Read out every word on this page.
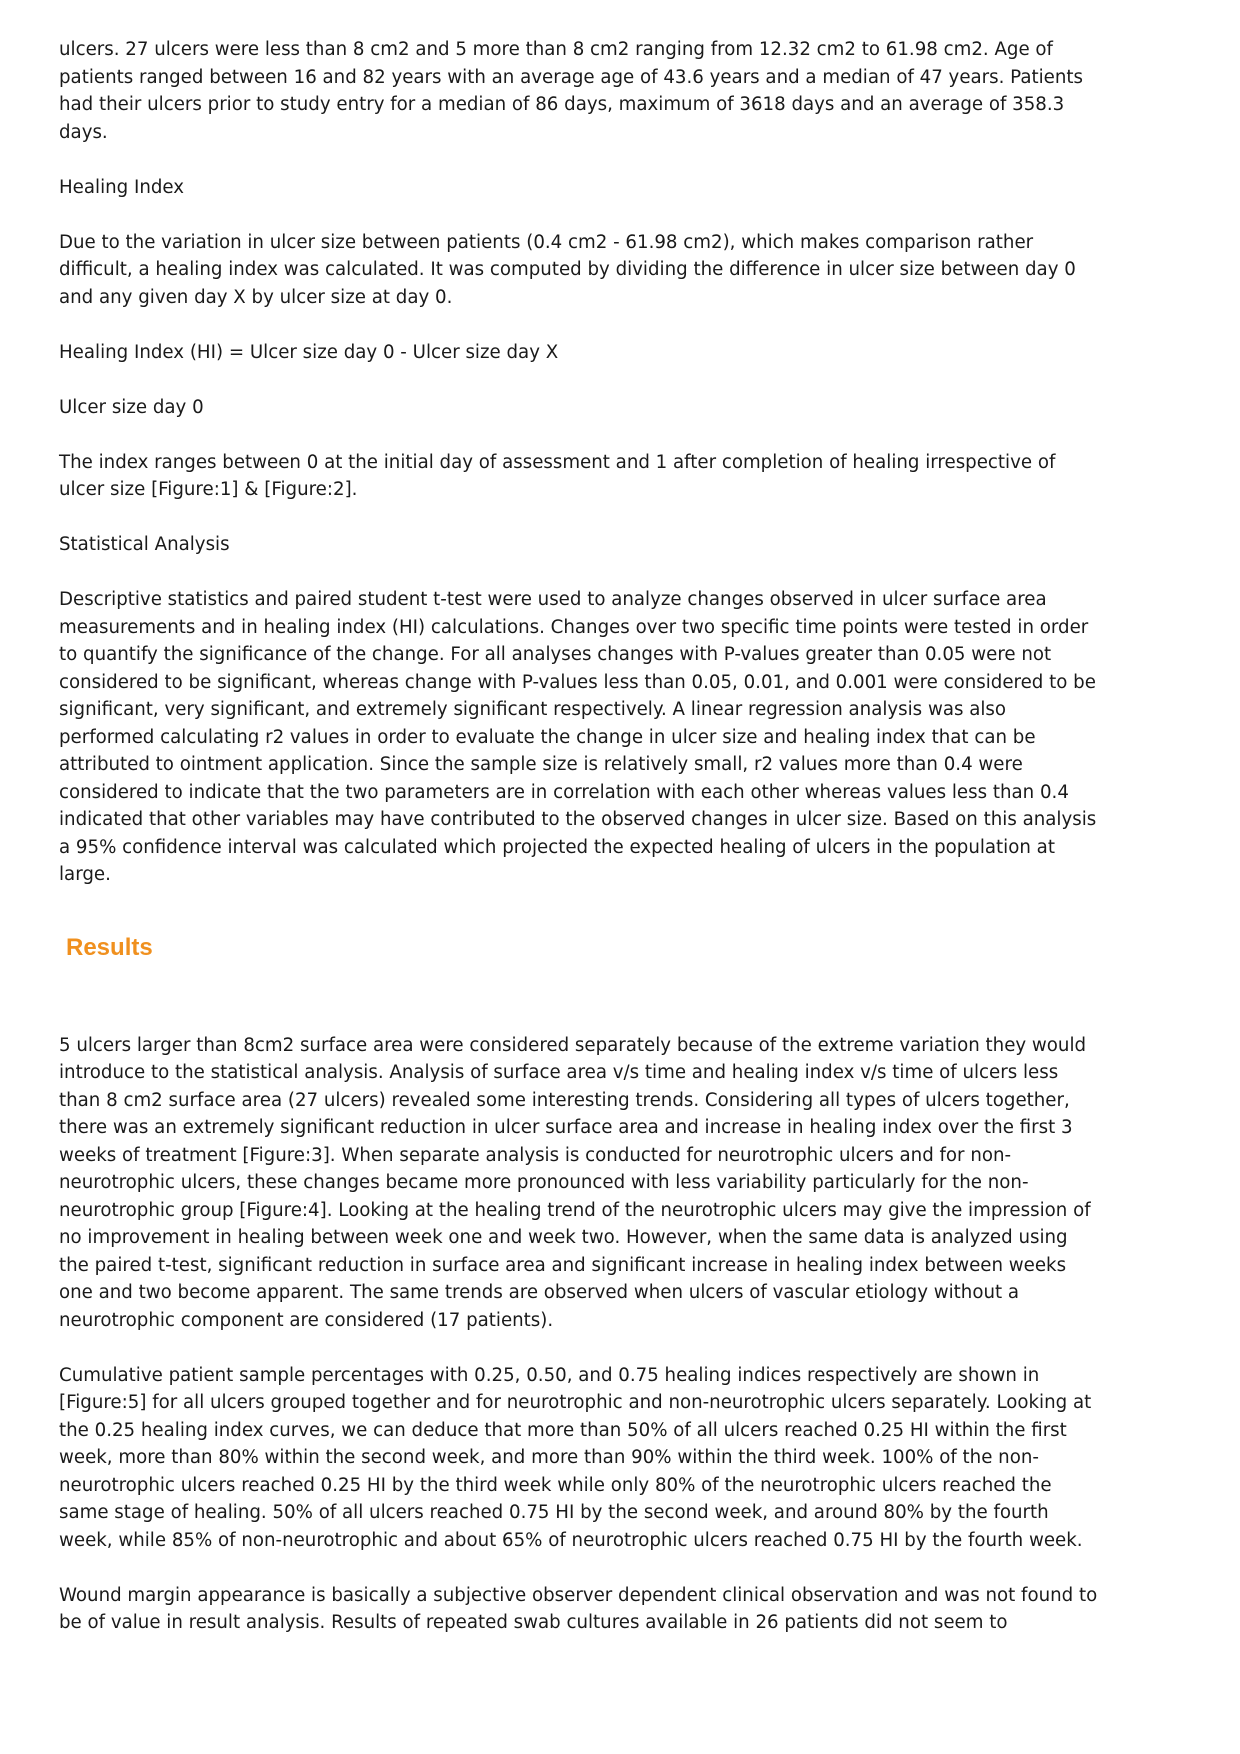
ulcers. 27 ulcers were less than 8 cm2 and 5 more than 8 cm2 ranging from 12.32 cm2 to 61.98 cm2. Age of patients ranged between 16 and 82 years with an average age of 43.6 years and a median of 47 years. Patients had their ulcers prior to study entry for a median of 86 days, maximum of 3618 days and an average of 358.3 days.

Healing Index

Due to the variation in ulcer size between patients (0.4 cm2 - 61.98 cm2), which makes comparison rather difficult, a healing index was calculated. It was computed by dividing the difference in ulcer size between day 0 and any given day X by ulcer size at day 0.

Healing Index (HI) = Ulcer size day 0 - Ulcer size day X

Ulcer size day 0

The index ranges between 0 at the initial day of assessment and 1 after completion of healing irrespective of ulcer size [Figure:1] & [Figure:2].

Statistical Analysis

Descriptive statistics and paired student t-test were used to analyze changes observed in ulcer surface area measurements and in healing index (HI) calculations. Changes over two specific time points were tested in order to quantify the significance of the change. For all analyses changes with P-values greater than 0.05 were not considered to be significant, whereas change with P-values less than 0.05, 0.01, and 0.001 were considered to be significant, very significant, and extremely significant respectively. A linear regression analysis was also performed calculating r2 values in order to evaluate the change in ulcer size and healing index that can be attributed to ointment application. Since the sample size is relatively small, r2 values more than 0.4 were considered to indicate that the two parameters are in correlation with each other whereas values less than 0.4 indicated that other variables may have contributed to the observed changes in ulcer size. Based on this analysis a 95% confidence interval was calculated which projected the expected healing of ulcers in the population at large.

Results

5 ulcers larger than 8cm2 surface area were considered separately because of the extreme variation they would introduce to the statistical analysis. Analysis of surface area v/s time and healing index v/s time of ulcers less than 8 cm2 surface area (27 ulcers) revealed some interesting trends. Considering all types of ulcers together, there was an extremely significant reduction in ulcer surface area and increase in healing index over the first 3 weeks of treatment [Figure:3]. When separate analysis is conducted for neurotrophic ulcers and for non-neurotrophic ulcers, these changes became more pronounced with less variability particularly for the non-neurotrophic group [Figure:4]. Looking at the healing trend of the neurotrophic ulcers may give the impression of no improvement in healing between week one and week two. However, when the same data is analyzed using the paired t-test, significant reduction in surface area and significant increase in healing index between weeks one and two become apparent. The same trends are observed when ulcers of vascular etiology without a neurotrophic component are considered (17 patients).

Cumulative patient sample percentages with 0.25, 0.50, and 0.75 healing indices respectively are shown in [Figure:5] for all ulcers grouped together and for neurotrophic and non-neurotrophic ulcers separately. Looking at the 0.25 healing index curves, we can deduce that more than 50% of all ulcers reached 0.25 HI within the first week, more than 80% within the second week, and more than 90% within the third week. 100% of the non-neurotrophic ulcers reached 0.25 HI by the third week while only 80% of the neurotrophic ulcers reached the same stage of healing. 50% of all ulcers reached 0.75 HI by the second week, and around 80% by the fourth week, while 85% of non-neurotrophic and about 65% of neurotrophic ulcers reached 0.75 HI by the fourth week.

Wound margin appearance is basically a subjective observer dependent clinical observation and was not found to be of value in result analysis. Results of repeated swab cultures available in 26 patients did not seem to
